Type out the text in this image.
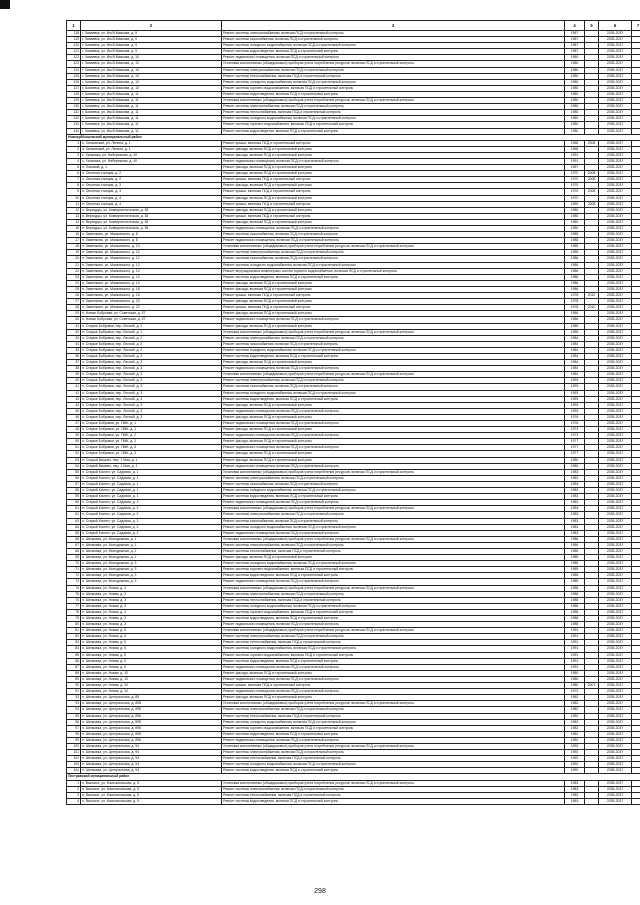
1	2	3	4	5	6	7
118	г. Чапаевск, ул. Им.В.Маякова, д. 9	Ремонт системы электроснабжения, включая ПСД и строительный контроль	1987		2035-2037	
119	г. Чапаевск, ул. Им.В.Маякова, д. 9	Ремонт системы газоснабжения, включая ПСД и строительный контроль	1987		2035-2037	
120	г. Чапаевск, ул. Им.В.Маякова, д. 9	Ремонт системы холодного водоснабжения, включая ПСД и строительный контроль	1987		2035-2037	
121	г. Чапаевск, ул. Им.В.Маякова, д. 9	Ремонт системы водоотведения, включая ПСД и строительный контроль	1987		2035-2037	
122	г. Чапаевск, ул. Им.В.Маякова, д. 10	Ремонт подвального помещения, включая ПСД и строительный контроль	1980		2035-2037	
123	г. Чапаевск, ул. Им.В.Маякова, д. 10	Установка коллективных (общедомовых) приборов учета потребления ресурсов, включая ПСД и строительный контроль	1980		2035-2037	
124	г. Чапаевск, ул. Им.В.Маякова, д. 10	Ремонт системы электроснабжения, включая ПСД и строительный контроль	1980		2035-2037	
125	г. Чапаевск, ул. Им.В.Маякова, д. 10	Ремонт системы теплоснабжения, включая ПСД и строительный контроль	1980		2035-2037	
126	г. Чапаевск, ул. Им.В.Маякова, д. 10	Ремонт системы холодного водоснабжения, включая ПСД и строительный контроль	1980		2035-2037	
127	г. Чапаевск, ул. Им.В.Маякова, д. 10	Ремонт системы горячего водоснабжения, включая ПСД и строительный контроль	1980		2035-2037	
128	г. Чапаевск, ул. Им.В.Маякова, д. 11	Ремонт системы водоотведения, включая ПСД и строительный контроль	1980		2035-2037	
129	г. Чапаевск, ул. Им.В.Маякова, д. 11	Установка коллективных (общедомовых) приборов учета потребления ресурсов, включая ПСД и строительный контроль	1980		2035-2037	
130	г. Чапаевск, ул. Им.В.Маякова, д. 11	Ремонт системы электроснабжения, включая ПСД и строительный контроль	1980		2035-2037	
131	г. Чапаевск, ул. Им.В.Маякова, д. 11	Ремонт системы теплоснабжения, включая ПСД и строительный контроль	1980		2035-2037	
132	г. Чапаевск, ул. Им.В.Маякова, д. 11	Ремонт системы холодного водоснабжения, включая ПСД и строительный контроль	1980		2035-2037	
133	г. Чапаевск, ул. Им.В.Маякова, д. 11	Ремонт системы горячего водоснабжения, включая ПСД и строительный контроль	1980		2035-2037	
134	г. Чапаевск, ул. Им.В.Маякова, д. 11	Ремонт системы водоотведения, включая ПСД и строительный контроль	1980		2035-2037	
Новокуйбышевский муниципальный район						
1	п. Хилковский, ул. Ленина, д. 1	Ремонт крыши, включая ПСД и строительный контроль	1968	2008	2035-2037	
2	п. Хилковский, ул. Ленина, д. 1	Ремонт фасада, включая ПСД и строительный контроль	1968		2035-2037	
3	с. Хилковка, ул. Набережная, д. 40	Ремонт фасада, включая ПСД и строительный контроль	1991		2035-2037	
4	с. Хилковка, ул. Набережная, д. 40	Ремонт подвального помещения, включая ПСД и строительный контроль	1991		2035-2037	
5	п. Лозовый, д. 1	Ремонт фасада, включая ПСД и строительный контроль	1967		2035-2037	
6	п. Опытная станция, д. 2	Ремонт фасада, включая ПСД и строительный контроль	1970	2008	2035-2037	
7	п. Опытная станция, д. 2	Ремонт крыши, включая ПСД и строительный контроль	1970	2008	2035-2037	
8	п. Опытная станция, д. 3	Ремонт фасада, включая ПСД и строительный контроль	1970		2035-2037	
9	п. Опытная станция, д. 3	Ремонт крыши, включая ПСД и строительный контроль	1970	2008	2035-2037	
10	п. Опытная станция, д. 4	Ремонт фасада, включая ПСД и строительный контроль	1970		2035-2037	
11	п. Опытная станция, д. 4	Ремонт крыши, включая ПСД и строительный контроль	1969	2008	2035-2037	
12	п. Верходцы, ул. Коммунистическая, д. 38	Ремонт фасада, включая ПСД и строительный контроль	1980		2035-2037	
13	п. Верходцы, ул. Коммунистическая, д. 38	Ремонт крыши, включая ПСД и строительный контроль	1980		2035-2037	
14	п. Верходцы, ул. Коммунистическая, д. 38	Ремонт фасада, включая ПСД и строительный контроль	1980		2035-2037	
15	п. Верходцы, ул. Коммунистическая, д. 38	Ремонт подвального помещения, включая ПСД и строительный контроль	1980		2035-2037	
16	п. Зименково, ул. Маяковского, д. 8	Ремонт системы газоснабжения, включая ПСД и строительный контроль	1985		2035-2037	
17	п. Зименково, ул. Маяковского, д. 8	Ремонт подвального помещения, включая ПСД и строительный контроль	1985		2035-2037	
18	п. Зименково, ул. Маяковского, д. 10	Установка коллективных (общедомовых) приборов учета потребления ресурсов, включая ПСД и строительный контроль	1985		2035-2037	
19	п. Зименково, ул. Маяковского, д. 12	Ремонт системы электроснабжения, включая ПСД и строительный контроль	1985		2035-2037	
20	п. Зименково, ул. Маяковского, д. 12	Ремонт системы газоснабжения, включая ПСД и строительный контроль	1986		2035-2037	
21	п. Зименково, ул. Маяковского, д. 12	Ремонт системы холодного водоснабжения, включая ПСД и строительный контроль	1986		2035-2037	
22	п. Зименково, ул. Маяковского, д. 12	Ремонт внутридомовых инженерных систем горячего водоснабжения, включая ПСД и строительный контроль	1986		2035-2037	
23	п. Зименково, ул. Маяковского, д. 12	Ремонт системы водоотведения, включая ПСД и строительный контроль	1986		2035-2037	
24	п. Зименково, ул. Маяковского, д. 14	Ремонт фасада, включая ПСД и строительный контроль	1986		2035-2037	
25	п. Зименково, ул. Маяковского, д. 16	Ремонт фасада, включая ПСД и строительный контроль	1986		2035-2037	
26	п. Зименково, ул. Маяковского, д. 16	Ремонт крыши, включая ПСД и строительный контроль	1978	2010	2035-2037	
27	п. Зименково, ул. Маяковского, д. 20	Ремонт фасада, включая ПСД и строительный контроль	1978		2035-2037	
28	п. Зименково, ул. Маяковского, д. 22	Ремонт крыши, включая ПСД и строительный контроль	1978	2010	2035-2037	
29	п. Новые Бобровки, ул. Советская, д. 57	Ремонт фасада, включая ПСД и строительный контроль	1986		2035-2037	
30	п. Новые Бобровки, ул. Советская, д. 57	Ремонт подвального помещения, включая ПСД и строительный контроль	1986		2035-2037	
31	п. Старые Бобровки, пер. Лесной, д. 1	Ремонт фасада, включая ПСД и строительный контроль	1985		2035-2037	
32	п. Старые Бобровки, пер. Лесной, д. 1	Установка коллективных (общедомовых) приборов учета потребления ресурсов, включая ПСД и строительный контроль	1985		2035-2037	
33	п. Старые Бобровки, пер. Лесной, д. 2	Ремонт системы электроснабжения, включая ПСД и строительный контроль	1984		2035-2037	
34	п. Старые Бобровки, пер. Лесной, д. 2	Ремонт системы газоснабжения, включая ПСД и строительный контроль	1984		2035-2037	
35	п. Старые Бобровки, пер. Лесной, д. 2	Ремонт системы холодного водоснабжения, включая ПСД и строительный контроль	1984		2035-2037	
36	п. Старые Бобровки, пер. Лесной, д. 2	Ремонт системы водоотведения, включая ПСД и строительный контроль	1984		2035-2037	
37	п. Старые Бобровки, пер. Лесной, д. 3	Ремонт фасада, включая ПСД и строительный контроль	1984		2035-2037	
38	п. Старые Бобровки, пер. Лесной, д. 3	Ремонт подвального помещения, включая ПСД и строительный контроль	1984		2035-2037	
39	п. Старые Бобровки, пер. Лесной, д. 3	Установка коллективных (общедомовых) приборов учета потребления ресурсов, включая ПСД и строительный контроль	1984		2035-2037	
40	п. Старые Бобровки, пер. Лесной, д. 3	Ремонт системы электроснабжения, включая ПСД и строительный контроль	1993		2035-2037	
41	п. Старые Бобровки, пер. Лесной, д. 3	Ремонт системы газоснабжения, включая ПСД и строительный контроль	1993		2035-2037	
42	п. Старые Бобровки, пер. Лесной, д. 3	Ремонт системы холодного водоснабжения, включая ПСД и строительный контроль	1993		2035-2037	
43	п. Старые Бобровки, пер. Лесной, д. 3	Ремонт системы водоотведения, включая ПСД и строительный контроль	1993		2035-2037	
44	п. Старые Бобровки, пер. Лесной, д. 3	Ремонт фасада, включая ПСД и строительный контроль	1993		2035-2037	
45	п. Старые Бобровки, пер. Лесной, д. 3	Ремонт подвального помещения, включая ПСД и строительный контроль	1993		2035-2037	
46	п. Старые Бобровки, пер. Лесной, д. 3	Ремонт фасада, включая ПСД и строительный контроль	1976		2035-2037	
47	п. Старые Бобровки, ул. ПМК, д. 1	Ремонт подвального помещения, включая ПСД и строительный контроль	1976		2035-2037	
48	п. Старые Бобровки, ул. ПМК, д. 1	Ремонт фасада, включая ПСД и строительный контроль	1973		2035-2037	
49	п. Старые Бобровки, ул. ПМК, д. 2	Ремонт подвального помещения, включая ПСД и строительный контроль	1973		2035-2037	
50	п. Старые Бобровки, ул. ПМК, д. 2	Ремонт фасада, включая ПСД и строительный контроль	1977		2035-2037	
51	п. Старые Бобровки, ул. ПМК, д. 3	Ремонт подвального помещения, включая ПСД и строительный контроль	1977		2035-2037	
52	п. Старые Бобровки, ул. ПМК, д. 3	Ремонт фасада, включая ПСД и строительный контроль	1977		2035-2037	
53	п. Старый Вишнеч, пер. 1 Мая, д. 1	Ремонт фасада, включая ПСД и строительный контроль	1980		2035-2037	
54	п. Старый Вишнеч, пер. 1 Мая, д. 1	Ремонт подвального помещения, включая ПСД и строительный контроль	1980		2035-2037	
55	п. Старый Кочнеч, ул. Садовая, д. 1	Установка коллективных (общедомовых) приборов учета потребления ресурсов, включая ПСД и строительный контроль	1983		2035-2037	
56	п. Старый Кочнеч, ул. Садовая, д. 1	Ремонт системы электроснабжения, включая ПСД и строительный контроль	1983		2035-2037	
57	п. Старый Кочнеч, ул. Садовая, д. 1	Ремонт системы газоснабжения, включая ПСД и строительный контроль	1983		2035-2037	
58	п. Старый Кочнеч, ул. Садовая, д. 1	Ремонт системы холодного водоснабжения, включая ПСД и строительный контроль	1983		2035-2037	
59	п. Старый Кочнеч, ул. Садовая, д. 1	Ремонт системы водоотведения, включая ПСД и строительный контроль	1983		2035-2037	
60	п. Старый Кочнеч, ул. Садовая, д. 2	Ремонт подвального помещения, включая ПСД и строительный контроль	1983		2035-2037	
61	п. Старый Кочнеч, ул. Садовая, д. 2	Установка коллективных (общедомовых) приборов учета потребления ресурсов, включая ПСД и строительный контроль	1983		2035-2037	
62	п. Старый Кочнеч, ул. Садовая, д. 2	Ремонт системы электроснабжения, включая ПСД и строительный контроль	1983		2035-2037	
63	п. Старый Кочнеч, ул. Садовая, д. 2	Ремонт системы газоснабжения, включая ПСД и строительный контроль	1983		2035-2037	
64	п. Старый Кочнеч, ул. Садовая, д. 2	Ремонт системы холодного водоснабжения, включая ПСД и строительный контроль	1983		2035-2037	
65	п. Старый Кочнеч, ул. Садовая, д. 2	Ремонт подвального помещения, включая ПСД и строительный контроль	1983		2035-2037	
66	п. Шелковка, ул. Молодежная, д. 1	Установка коллективных (общедомовых) приборов учета потребления ресурсов, включая ПСД и строительный контроль	1986		2035-2037	
67	п. Шелковка, ул. Молодежная, д. 1	Ремонт системы электроснабжения, включая ПСД и строительный контроль	1986		2035-2037	
68	п. Шелковка, ул. Молодежная, д. 2	Ремонт системы теплоснабжения, включая ПСД и строительный контроль	1985		2035-2037	
69	п. Шелковка, ул. Молодежная, д. 2	Ремонт фасада, включая ПСД и строительный контроль	1985		2035-2037	
70	п. Шелковка, ул. Молодежная, д. 3	Ремонт системы холодного водоснабжения, включая ПСД и строительный контроль	1985		2035-2037	
71	п. Шелковка, ул. Молодежная, д. 3	Ремонт системы горячего водоснабжения, включая ПСД и строительный контроль	1985		2035-2037	
72	п. Шелковка, ул. Молодежная, д. 3	Ремонт системы водоотведения, включая ПСД и строительный контроль	1985		2035-2037	
73	п. Шелковка, ул. Молодежная, д. 3	Ремонт подвального помещения, включая ПСД и строительный контроль	1985		2035-2037	
74	п. Шелковка, ул. Новая, д. 3	Установка коллективных (общедомовых) приборов учета потребления ресурсов, включая ПСД и строительный контроль	1988		2035-2037	
75	п. Шелковка, ул. Новая, д. 3	Ремонт системы электроснабжения, включая ПСД и строительный контроль	1988		2035-2037	
76	п. Шелковка, ул. Новая, д. 3	Ремонт системы теплоснабжения, включая ПСД и строительный контроль	1988		2035-2037	
77	п. Шелковка, ул. Новая, д. 3	Ремонт системы холодного водоснабжения, включая ПСД и строительный контроль	1988		2035-2037	
78	п. Шелковка, ул. Новая, д. 3	Ремонт системы горячего водоснабжения, включая ПСД и строительный контроль	1988		2035-2037	
79	п. Шелковка, ул. Новая, д. 3	Ремонт системы водоотведения, включая ПСД и строительный контроль	1988		2035-2037	
80	п. Шелковка, ул. Новая, д. 3	Ремонт подвального помещения, включая ПСД и строительный контроль	1988		2035-2037	
81	п. Шелковка, ул. Новая, д. 5	Установка коллективных (общедомовых) приборов учета потребления ресурсов, включая ПСД и строительный контроль	1991		2035-2037	
82	п. Шелковка, ул. Новая, д. 5	Ремонт системы электроснабжения, включая ПСД и строительный контроль	1991		2035-2037	
83	п. Шелковка, ул. Новая, д. 5	Ремонт системы теплоснабжения, включая ПСД и строительный контроль	1991		2035-2037	
84	п. Шелковка, ул. Новая, д. 5	Ремонт системы холодного водоснабжения, включая ПСД и строительный контроль	1991		2035-2037	
85	п. Шелковка, ул. Новая, д. 5	Ремонт системы горячего водоснабжения, включая ПСД и строительный контроль	1991		2035-2037	
86	п. Шелковка, ул. Новая, д. 5	Ремонт системы водоотведения, включая ПСД и строительный контроль	1991		2035-2037	
87	п. Шелковка, ул. Новая, д. 5	Ремонт подвального помещения, включая ПСД и строительный контроль	1991		2035-2037	
88	п. Шелковка, ул. Новая, д. 10	Ремонт фасада, включая ПСД и строительный контроль	1980		2035-2037	
89	п. Шелковка, ул. Новая, д. 10	Ремонт подвального помещения, включая ПСД и строительный контроль	1980		2035-2037	
90	п. Шелковка, ул. Новая, д. 10	Ремонт крыши, включая ПСД и строительный контроль	1980	2007	2035-2037	
91	п. Шелковка, ул. Новая, д. 14	Ремонт подвального помещения, включая ПСД и строительный контроль	1972		2035-2037	
92	п. Шелковка, ул. Центральная, д. 89	Ремонт фасада, включая ПСД и строительный контроль	1982		2035-2037	
93	п. Шелковка, ул. Центральная, д. 89Б	Установка коллективных (общедомовых) приборов учета потребления ресурсов, включая ПСД и строительный контроль	1982		2035-2037	
94	п. Шелковка, ул. Центральная, д. 89Б	Ремонт системы электроснабжения, включая ПСД и строительный контроль	1982		2035-2037	
95	п. Шелковка, ул. Центральная, д. 89Б	Ремонт системы теплоснабжения, включая ПСД и строительный контроль	1982		2035-2037	
96	п. Шелковка, ул. Центральная, д. 89Б	Ремонт системы холодного водоснабжения, включая ПСД и строительный контроль	1982		2035-2037	
97	п. Шелковка, ул. Центральная, д. 89Б	Ремонт системы горячего водоснабжения, включая ПСД и строительный контроль	1982		2035-2037	
98	п. Шелковка, ул. Центральная, д. 89Б	Ремонт системы водоотведения, включая ПСД и строительный контроль	1982		2035-2037	
99	п. Шелковка, ул. Центральная, д. 89Б	Ремонт подвального помещения, включая ПСД и строительный контроль	1982		2035-2037	
100	п. Шелковка, ул. Центральная, д. 94	Установка коллективных (общедомовых) приборов учета потребления ресурсов, включая ПСД и строительный контроль	1992		2035-2037	
101	п. Шелковка, ул. Центральная, д. 94	Ремонт системы электроснабжения, включая ПСД и строительный контроль	1992		2035-2037	
102	п. Шелковка, ул. Центральная, д. 94	Ремонт системы теплоснабжения, включая ПСД и строительный контроль	1992		2035-2037	
103	п. Шелковка, ул. Центральная, д. 94	Ремонт системы холодного водоснабжения, включая ПСД и строительный контроль	1992		2035-2037	
104	п. Шелковка, ул. Центральная, д. 94	Ремонт системы водоотведения, включая ПСД и строительный контроль	1992		2035-2037	
Пестравский муниципальный район						
1	п. Высокое, ул. Комсомольская, д. 5	Установка коллективных (общедомовых) приборов учета потребления ресурсов, включая ПСД и строительный контроль	1983		2035-2037	
2	п. Высокое, ул. Комсомольская, д. 5	Ремонт системы электроснабжения, включая ПСД и строительный контроль	1983		2035-2037	
3	п. Высокое, ул. Комсомольская, д. 5	Ремонт системы теплоснабжения, включая ПСД и строительный контроль	1983		2035-2037	
4	п. Высокое, ул. Комсомольская, д. 5	Ремонт системы водоотведения, включая ПСД и строительный контроль	1983		2035-2037	
298
